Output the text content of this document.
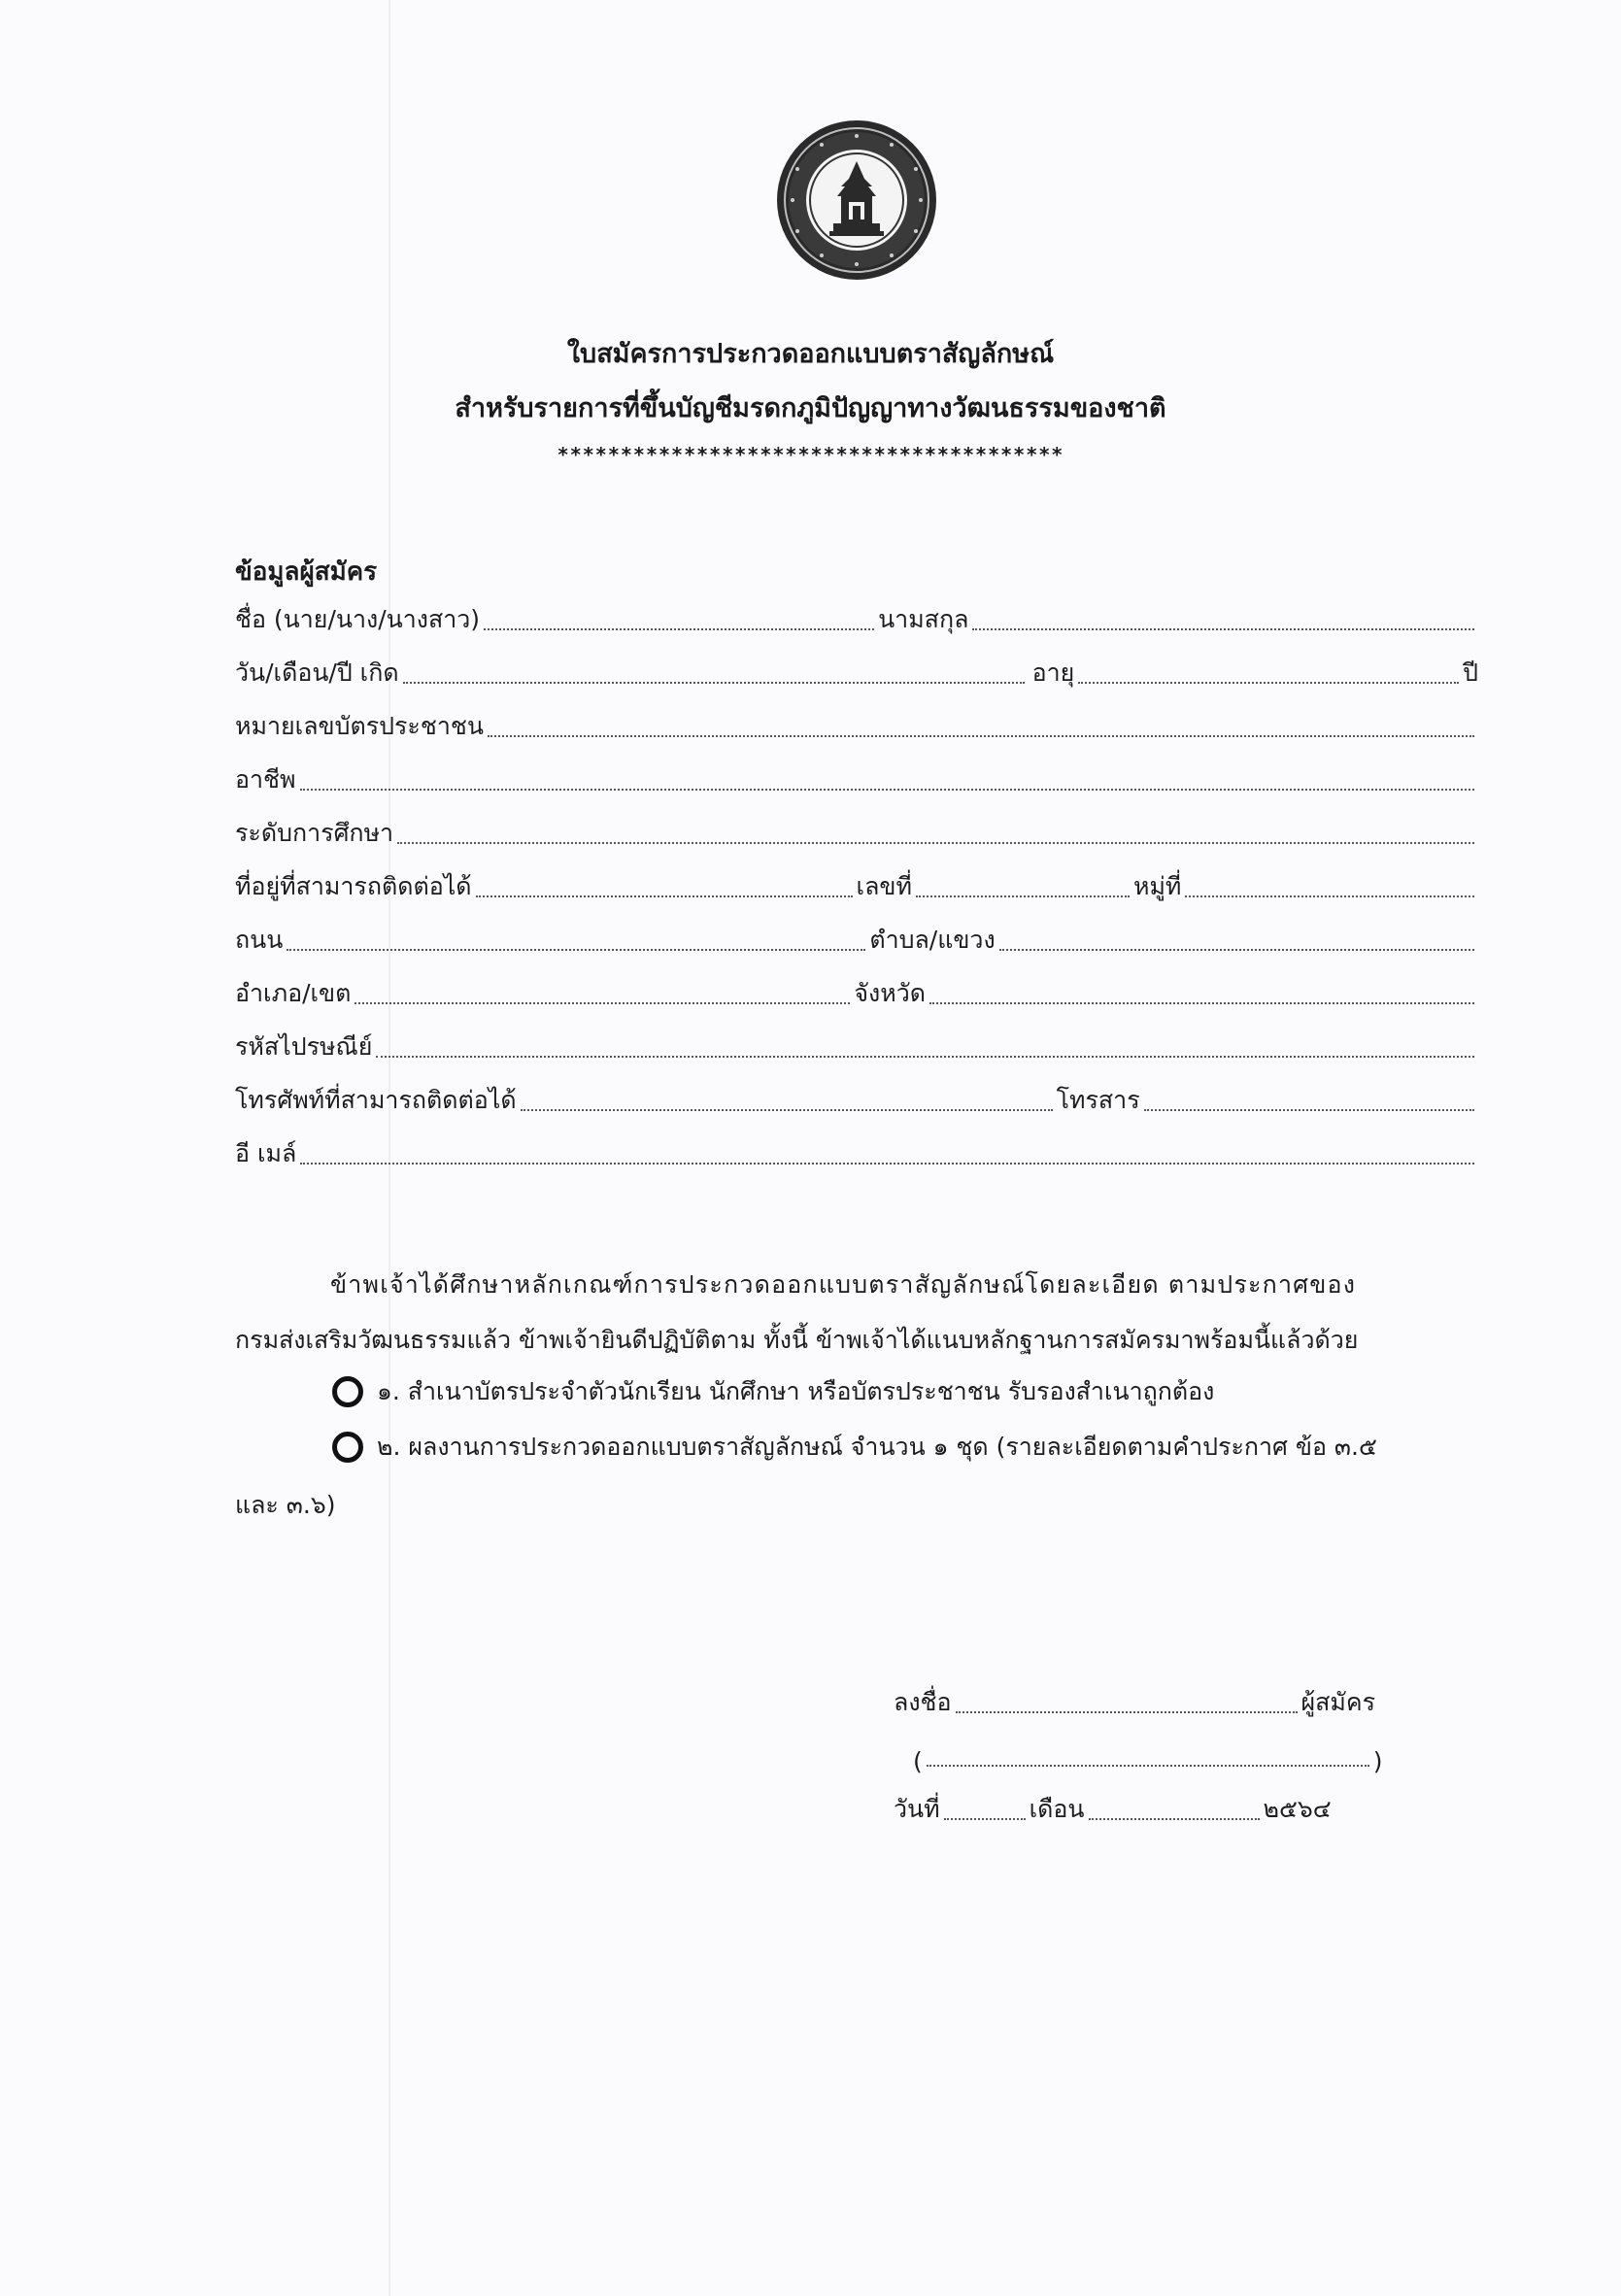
ใบสมัครการประกวดออกแบบตราสัญลักษณ์
สำหรับรายการที่ขึ้นบัญชีมรดกภูมิปัญญาทางวัฒนธรรมของชาติ
****************************************
ข้อมูลผู้สมัคร
ชื่อ (นาย/นาง/นางสาว)	นามสกุล
วัน/เดือน/ปี เกิด	อายุ	ปี
หมายเลขบัตรประชาชน
อาชีพ
ระดับการศึกษา
ที่อยู่ที่สามารถติดต่อได้	เลขที่	หมู่ที่
ถนน	ตำบล/แขวง
อำเภอ/เขต	จังหวัด
รหัสไปรษณีย์
โทรศัพท์ที่สามารถติดต่อได้	โทรสาร
อี เมล์
ข้าพเจ้าได้ศึกษาหลักเกณฑ์การประกวดออกแบบตราสัญลักษณ์โดยละเอียด ตามประกาศของ
กรมส่งเสริมวัฒนธรรมแล้ว ข้าพเจ้ายินดีปฏิบัติตาม ทั้งนี้ ข้าพเจ้าได้แนบหลักฐานการสมัครมาพร้อมนี้แล้วด้วย
๑. สำเนาบัตรประจำตัวนักเรียน นักศึกษา หรือบัตรประชาชน รับรองสำเนาถูกต้อง
๒. ผลงานการประกวดออกแบบตราสัญลักษณ์ จำนวน ๑ ชุด (รายละเอียดตามคำประกาศ ข้อ ๓.๕
และ ๓.๖)
ลงชื่อ	ผู้สมัคร
(	)
วันที่	เดือน	๒๕๖๔
